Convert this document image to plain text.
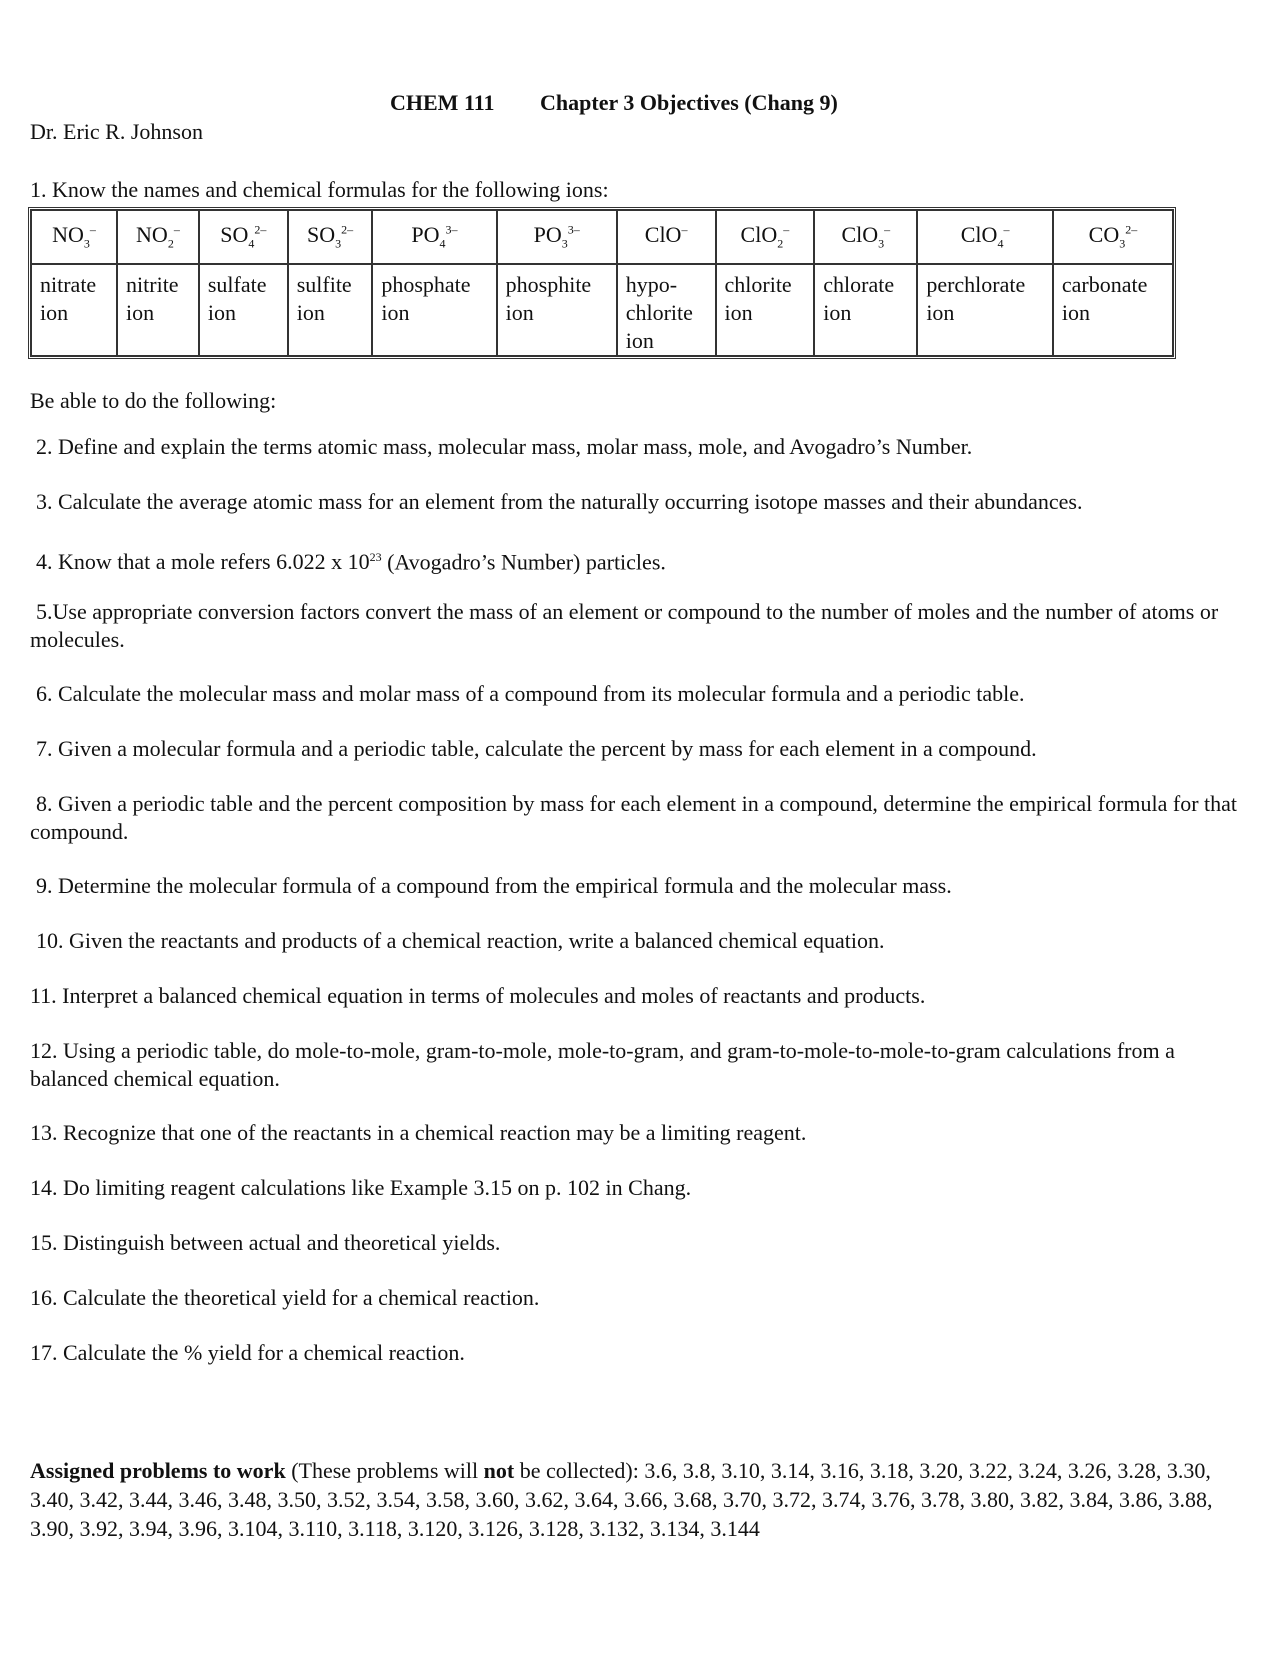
CHEM 111 Chapter 3 Objectives (Chang 9)
Dr. Eric R. Johnson
1. Know the names and chemical formulas for the following ions:
$NO_3^-$	$NO_2^-$	$SO_4^{2-}$	$SO_3^{2-}$	$PO_4^{3-}$	$PO_3^{3-}$	ClO–	ClO$_2$–	ClO$_3$–	ClO$_4$–	$CO_3^{2-}$
nitrate
ion	nitrite
ion	sulfate
ion	sulfite
ion	phosphate
ion	phosphite
ion	hypo-
chlorite
ion	chlorite
ion	chlorate
ion	perchlorate
ion	carbonate
ion
Be able to do the following:
2. Define and explain the terms atomic mass, molecular mass, molar mass, mole, and Avogadro’s Number.
3. Calculate the average atomic mass for an element from the naturally occurring isotope masses and their abundances.
4. Know that a mole refers 6.022 x $10^{23}$ (Avogadro’s Number) particles.
5.Use appropriate conversion factors convert the mass of an element or compound to the number of moles and the number of atoms or molecules.
6. Calculate the molecular mass and molar mass of a compound from its molecular formula and a periodic table.
7. Given a molecular formula and a periodic table, calculate the percent by mass for each element in a compound.
8. Given a periodic table and the percent composition by mass for each element in a compound, determine the empirical formula for that compound.
9. Determine the molecular formula of a compound from the empirical formula and the molecular mass.
10. Given the reactants and products of a chemical reaction, write a balanced chemical equation.
11. Interpret a balanced chemical equation in terms of molecules and moles of reactants and products.
12. Using a periodic table, do mole-to-mole, gram-to-mole, mole-to-gram, and gram-to-mole-to-mole-to-gram calculations from a balanced chemical equation.
13. Recognize that one of the reactants in a chemical reaction may be a limiting reagent.
14. Do limiting reagent calculations like Example 3.15 on p. 102 in Chang.
15. Distinguish between actual and theoretical yields.
16. Calculate the theoretical yield for a chemical reaction.
17. Calculate the % yield for a chemical reaction.
Assigned problems to work (These problems will not be collected): 3.6, 3.8, 3.10, 3.14, 3.16, 3.18, 3.20, 3.22, 3.24, 3.26, 3.28, 3.30, 3.40, 3.42, 3.44, 3.46, 3.48, 3.50, 3.52, 3.54, 3.58, 3.60, 3.62, 3.64, 3.66, 3.68, 3.70, 3.72, 3.74, 3.76, 3.78, 3.80, 3.82, 3.84, 3.86, 3.88, 3.90, 3.92, 3.94, 3.96, 3.104, 3.110, 3.118, 3.120, 3.126, 3.128, 3.132, 3.134, 3.144
